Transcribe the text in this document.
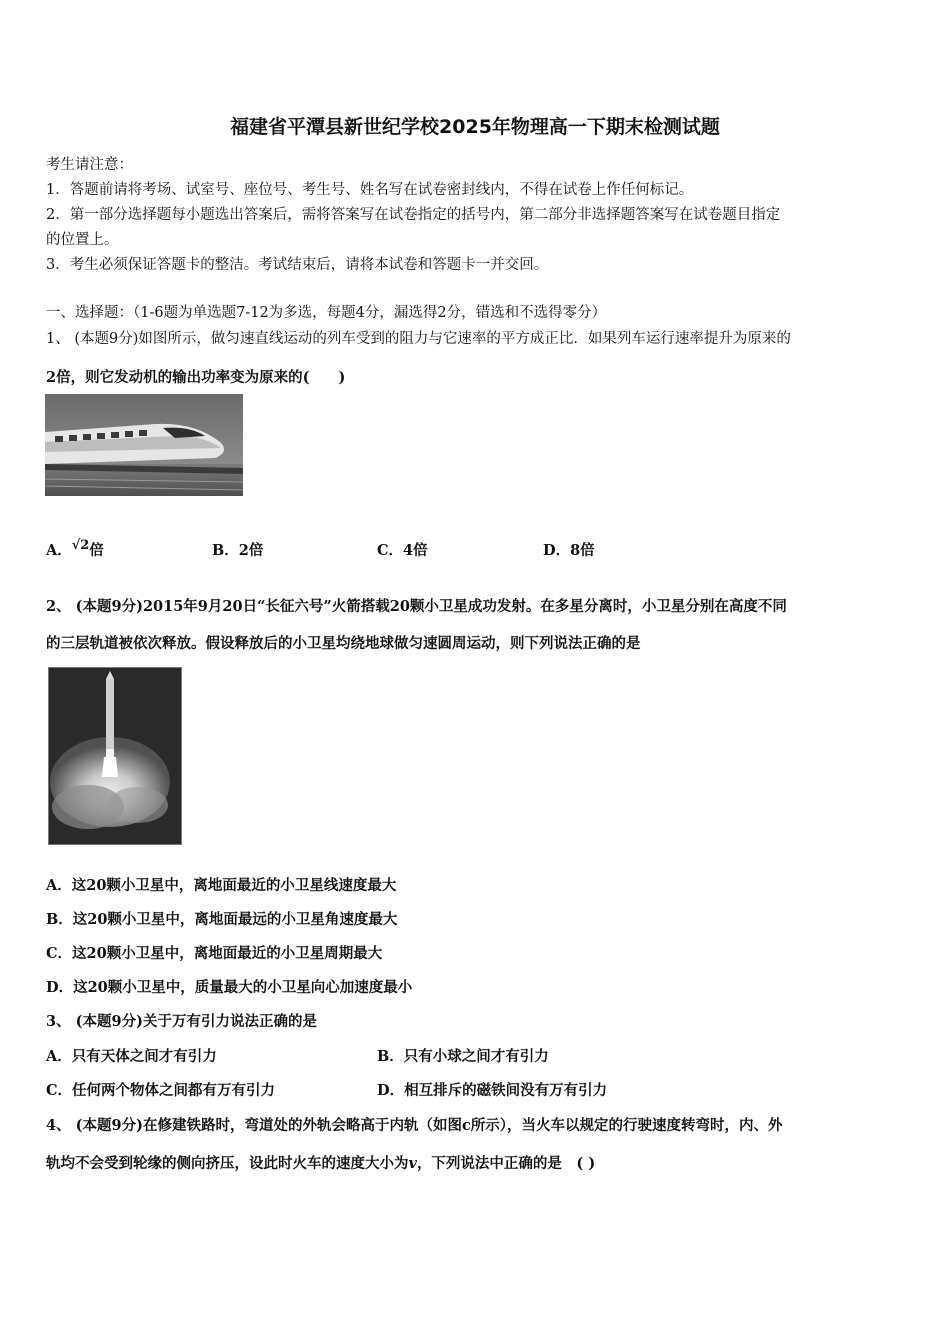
福建省平潭县新世纪学校2025年物理高一下期末检测试题
考生请注意：
1．答题前请将考场、试室号、座位号、考生号、姓名写在试卷密封线内，不得在试卷上作任何标记。
2．第一部分选择题每小题选出答案后，需将答案写在试卷指定的括号内，第二部分非选择题答案写在试卷题目指定
的位置上。
3．考生必须保证答题卡的整洁。考试结束后，请将本试卷和答题卡一并交回。
一、选择题：（1-6题为单选题7-12为多选，每题4分，漏选得2分，错选和不选得零分）
1、 (本题9分)如图所示，做匀速直线运动的列车受到的阻力与它速率的平方成正比．如果列车运行速率提升为原来的
2倍，则它发动机的输出功率变为原来的(　　)
A．√2倍	B．2倍	C．4倍	D．8倍
2、 (本题9分)2015年9月20日“长征六号”火箭搭载20颗小卫星成功发射。在多星分离时，小卫星分别在高度不同
的三层轨道被依次释放。假设释放后的小卫星均绕地球做匀速圆周运动，则下列说法正确的是
A．这20颗小卫星中，离地面最近的小卫星线速度最大
B．这20颗小卫星中，离地面最远的小卫星角速度最大
C．这20颗小卫星中，离地面最近的小卫星周期最大
D．这20颗小卫星中，质量最大的小卫星向心加速度最小
3、 (本题9分)关于万有引力说法正确的是
A．只有天体之间才有引力	B．只有小球之间才有引力
C．任何两个物体之间都有万有引力	D．相互排斥的磁铁间没有万有引力
4、 (本题9分)在修建铁路时，弯道处的外轨会略高于内轨（如图c所示），当火车以规定的行驶速度转弯时，内、外
轨均不会受到轮缘的侧向挤压，设此时火车的速度大小为v，下列说法中正确的是　( )
